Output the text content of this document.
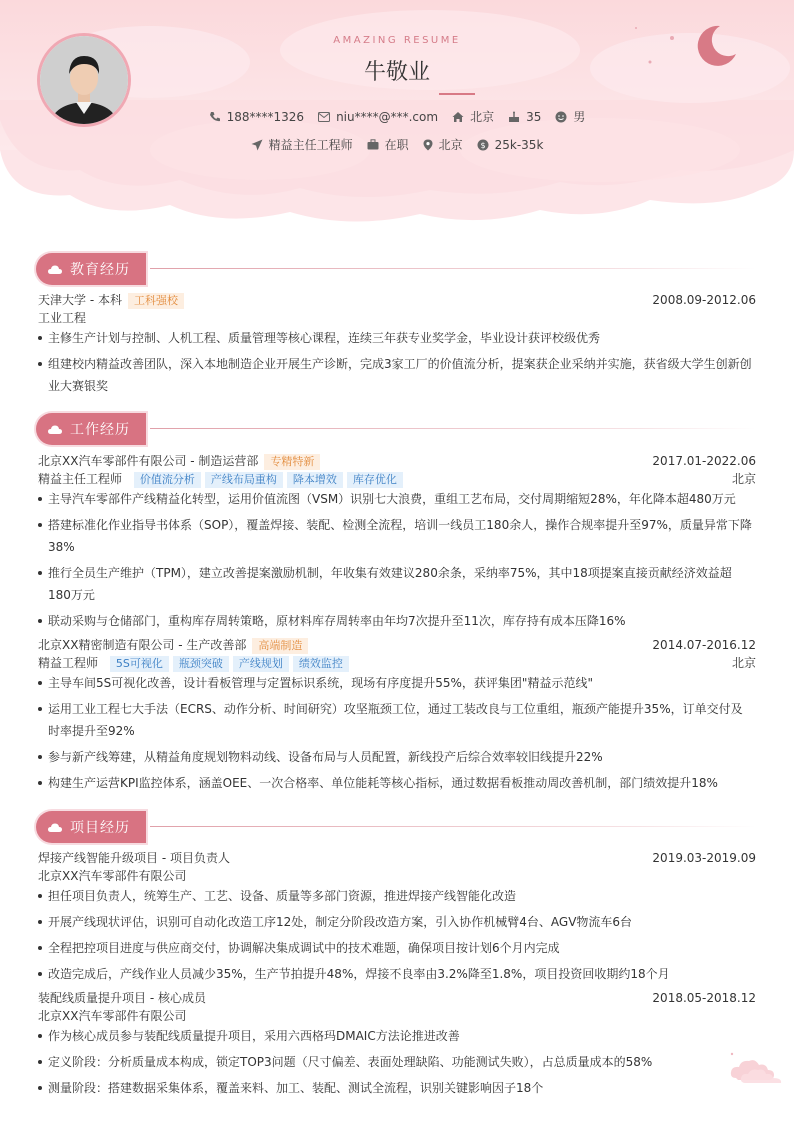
AMAZING RESUME
牛敬业
188****1326	niu****@***.com	北京	35	男
精益主任工程师	在职	北京 $ 25k-35k
教育经历
天津大学 - 本科 工科强校	2008.09-2012.06
工业工程
主修生产计划与控制、人机工程、质量管理等核心课程，连续三年获专业奖学金，毕业设计获评校级优秀
组建校内精益改善团队，深入本地制造企业开展生产诊断，完成3家工厂的价值流分析，提案获企业采纳并实施，获省级大学生创新创业大赛银奖
工作经历
北京XX汽车零部件有限公司 - 制造运营部 专精特新	2017.01-2022.06
精益主任工程师 价值流分析 产线布局重构 降本增效 库存优化	北京
主导汽车零部件产线精益化转型，运用价值流图（VSM）识别七大浪费，重组工艺布局，交付周期缩短28%，年化降本超480万元
搭建标准化作业指导书体系（SOP），覆盖焊接、装配、检测全流程，培训一线员工180余人，操作合规率提升至97%，质量异常下降38%
推行全员生产维护（TPM），建立改善提案激励机制，年收集有效建议280余条，采纳率75%，其中18项提案直接贡献经济效益超180万元
联动采购与仓储部门，重构库存周转策略，原材料库存周转率由年均7次提升至11次，库存持有成本压降16%
北京XX精密制造有限公司 - 生产改善部 高端制造	2014.07-2016.12
精益工程师 5S可视化 瓶颈突破 产线规划 绩效监控	北京
主导车间5S可视化改善，设计看板管理与定置标识系统，现场有序度提升55%，获评集团"精益示范线"
运用工业工程七大手法（ECRS、动作分析、时间研究）攻坚瓶颈工位，通过工装改良与工位重组，瓶颈产能提升35%，订单交付及时率提升至92%
参与新产线筹建，从精益角度规划物料动线、设备布局与人员配置，新线投产后综合效率较旧线提升22%
构建生产运营KPI监控体系，涵盖OEE、一次合格率、单位能耗等核心指标，通过数据看板推动周改善机制，部门绩效提升18%
项目经历
焊接产线智能升级项目 - 项目负责人	2019.03-2019.09
北京XX汽车零部件有限公司
担任项目负责人，统筹生产、工艺、设备、质量等多部门资源，推进焊接产线智能化改造
开展产线现状评估，识别可自动化改造工序12处，制定分阶段改造方案，引入协作机械臂4台、AGV物流车6台
全程把控项目进度与供应商交付，协调解决集成调试中的技术难题，确保项目按计划6个月内完成
改造完成后，产线作业人员减少35%，生产节拍提升48%，焊接不良率由3.2%降至1.8%，项目投资回收期约18个月
装配线质量提升项目 - 核心成员	2018.05-2018.12
北京XX汽车零部件有限公司
作为核心成员参与装配线质量提升项目，采用六西格玛DMAIC方法论推进改善
定义阶段：分析质量成本构成，锁定TOP3问题（尺寸偏差、表面处理缺陷、功能测试失败），占总质量成本的58%
测量阶段：搭建数据采集体系，覆盖来料、加工、装配、测试全流程，识别关键影响因子18个
